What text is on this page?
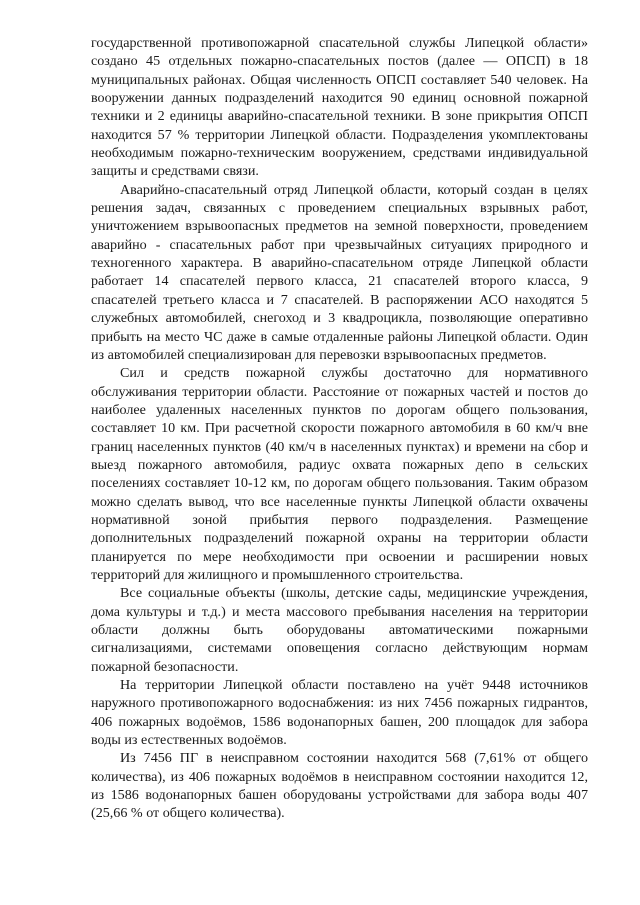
государственной противопожарной спасательной службы Липецкой области» создано 45 отдельных пожарно-спасательных постов (далее — ОПСП) в 18 муниципальных районах. Общая численность ОПСП составляет 540 человек. На вооружении данных подразделений находится 90 единиц основной пожарной техники и 2 единицы аварийно-спасательной техники. В зоне прикрытия ОПСП находится 57 % территории Липецкой области. Подразделения укомплектованы необходимым пожарно-техническим вооружением, средствами индивидуальной защиты и средствами связи.

Аварийно-спасательный отряд Липецкой области, который создан в целях решения задач, связанных с проведением специальных взрывных работ, уничтожением взрывоопасных предметов на земной поверхности, проведением аварийно - спасательных работ при чрезвычайных ситуациях природного и техногенного характера. В аварийно-спасательном отряде Липецкой области работает 14 спасателей первого класса, 21 спасателей второго класса, 9 спасателей третьего класса и 7 спасателей. В распоряжении АСО находятся 5 служебных автомобилей, снегоход и 3 квадроцикла, позволяющие оперативно прибыть на место ЧС даже в самые отдаленные районы Липецкой области. Один из автомобилей специализирован для перевозки взрывоопасных предметов.

Сил и средств пожарной службы достаточно для нормативного обслуживания территории области. Расстояние от пожарных частей и постов до наиболее удаленных населенных пунктов по дорогам общего пользования, составляет 10 км. При расчетной скорости пожарного автомобиля в 60 км/ч вне границ населенных пунктов (40 км/ч в населенных пунктах) и времени на сбор и выезд пожарного автомобиля, радиус охвата пожарных депо в сельских поселениях составляет 10-12 км, по дорогам общего пользования. Таким образом можно сделать вывод, что все населенные пункты Липецкой области охвачены нормативной зоной прибытия первого подразделения. Размещение дополнительных подразделений пожарной охраны на территории области планируется по мере необходимости при освоении и расширении новых территорий для жилищного и промышленного строительства.

Все социальные объекты (школы, детские сады, медицинские учреждения, дома культуры и т.д.) и места массового пребывания населения на территории области должны быть оборудованы автоматическими пожарными сигнализациями, системами оповещения согласно действующим нормам пожарной безопасности.

На территории Липецкой области поставлено на учёт 9448 источников наружного противопожарного водоснабжения: из них 7456 пожарных гидрантов, 406 пожарных водоёмов, 1586 водонапорных башен, 200 площадок для забора воды из естественных водоёмов.

Из 7456 ПГ в неисправном состоянии находится 568 (7,61% от общего количества), из 406 пожарных водоёмов в неисправном состоянии находится 12, из 1586 водонапорных башен оборудованы устройствами для забора воды 407 (25,66 % от общего количества).
